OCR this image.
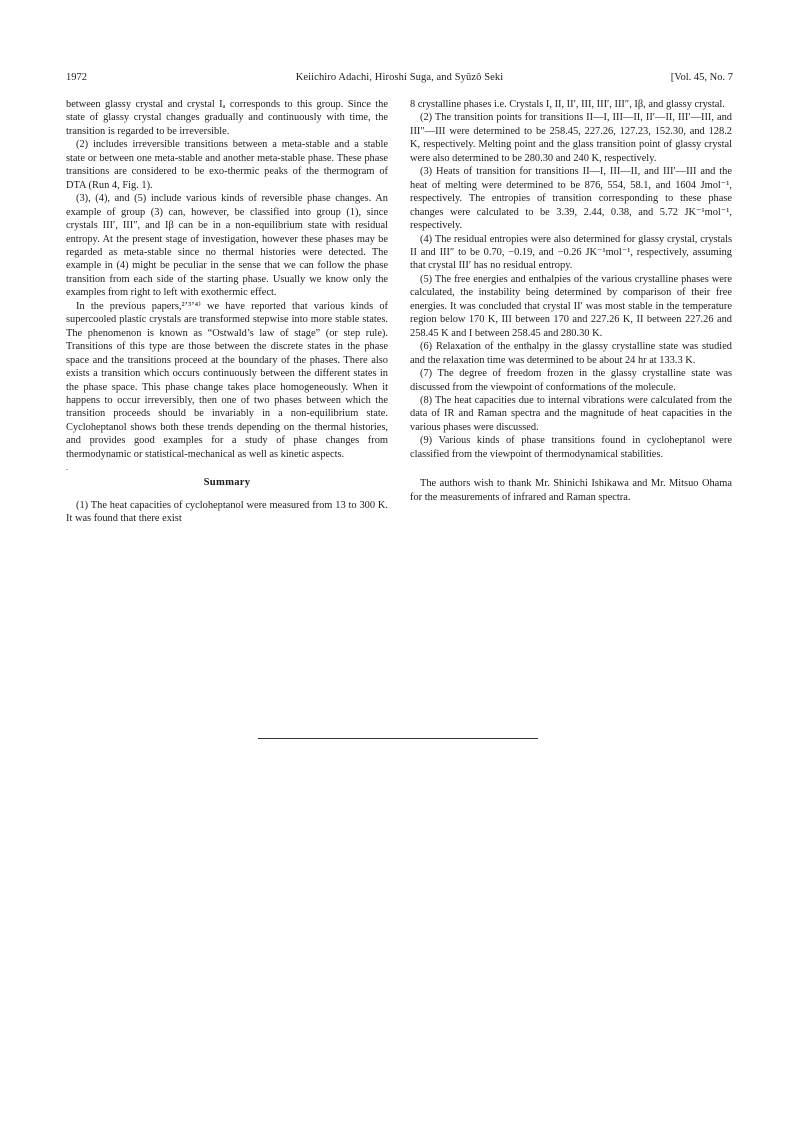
1972	Keiichiro Adachi, Hiroshi Suga, and Syûzô Seki	[Vol. 45, No. 7

between glassy crystal and crystal Iₐ corresponds to this group. Since the state of glassy crystal changes gradually and continuously with time, the transition is regarded to be irreversible.

(2) includes irreversible transitions between a meta-stable and a stable state or between one meta-stable and another meta-stable phase. These phase transitions are considered to be exo-thermic peaks of the thermogram of DTA (Run 4, Fig. 1).

(3), (4), and (5) include various kinds of reversible phase changes. An example of group (3) can, however, be classified into group (1), since crystals III′, III″, and Iβ can be in a non-equilibrium state with residual entropy. At the present stage of investigation, however these phases may be regarded as meta-stable since no thermal histories were detected. The example in (4) might be peculiar in the sense that we can follow the phase transition from each side of the starting phase. Usually we know only the examples from right to left with exothermic effect.

In the previous papers,²ʼ³ʼ⁴⁾ we have reported that various kinds of supercooled plastic crystals are transformed stepwise into more stable states. The phenomenon is known as “Ostwald’s law of stage” (or step rule). Transitions of this type are those between the discrete states in the phase space and the transitions proceed at the boundary of the phases. There also exists a transition which occurs continuously between the different states in the phase space. This phase change takes place homogeneously. When it happens to occur irreversibly, then one of two phases between which the transition proceeds should be invariably in a non-equilibrium state. Cycloheptanol shows both these trends depending on the thermal histories, and provides good examples for a study of phase changes from thermodynamic or statistical-mechanical as well as kinetic aspects.

.
Summary

(1) The heat capacities of cycloheptanol were measured from 13 to 300 K. It was found that there exist

8 crystalline phases i.e. Crystals I, II, II′, III, III′, III″, Iβ, and glassy crystal.

(2) The transition points for transitions II—I, III—II, II′—II, III′—III, and III″—III were determined to be 258.45, 227.26, 127.23, 152.30, and 128.2 K, respectively. Melting point and the glass transition point of glassy crystal were also determined to be 280.30 and 240 K, respectively.

(3) Heats of transition for transitions II—I, III—II, and III′—III and the heat of melting were determined to be 876, 554, 58.1, and 1604 Jmol⁻¹, respectively. The entropies of transition corresponding to these phase changes were calculated to be 3.39, 2.44, 0.38, and 5.72 JK⁻¹mol⁻¹, respectively.

(4) The residual entropies were also determined for glassy crystal, crystals II and III″ to be 0.70, −0.19, and −0.26 JK⁻¹mol⁻¹, respectively, assuming that crystal III′ has no residual entropy.

(5) The free energies and enthalpies of the various crystalline phases were calculated, the instability being determined by comparison of their free energies. It was concluded that crystal II′ was most stable in the temperature region below 170 K, III between 170 and 227.26 K, II between 227.26 and 258.45 K and I between 258.45 and 280.30 K.

(6) Relaxation of the enthalpy in the glassy crystalline state was studied and the relaxation time was determined to be about 24 hr at 133.3 K.

(7) The degree of freedom frozen in the glassy crystalline state was discussed from the viewpoint of conformations of the molecule.

(8) The heat capacities due to internal vibrations were calculated from the data of IR and Raman spectra and the magnitude of heat capacities in the various phases were discussed.

(9) Various kinds of phase transitions found in cycloheptanol were classified from the viewpoint of thermodynamical stabilities.

The authors wish to thank Mr. Shinichi Ishikawa and Mr. Mitsuo Ohama for the measurements of infrared and Raman spectra.
